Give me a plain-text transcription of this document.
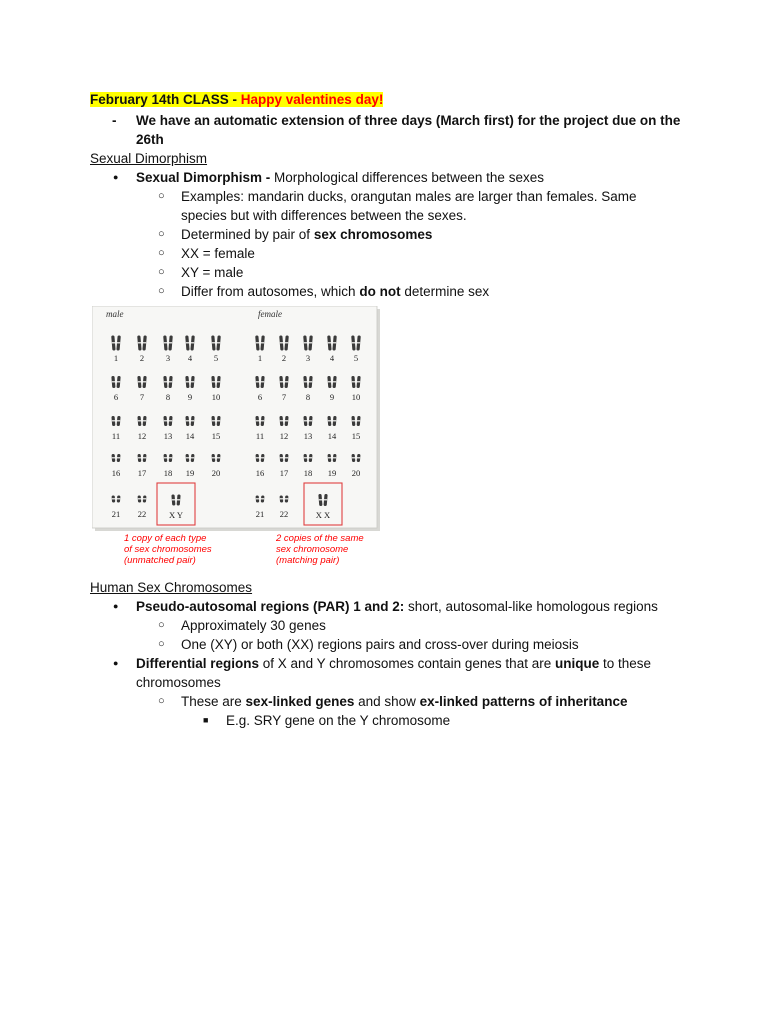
February 14th CLASS - Happy valentines day!
- We have an automatic extension of three days (March first) for the project due on the 26th
Sexual Dimorphism
● Sexual Dimorphism - Morphological differences between the sexes
○ Examples: mandarin ducks, orangutan males are larger than females. Same species but with differences between the sexes.
○ Determined by pair of sex chromosomes
○ XX = female
○ XY = male
○ Differ from autosomes, which do not determine sex
male	female
1	1
2	2
3	3
4	4
5	5
6	6
7	7
8	8
9	9
10	10
11	11
12	12
13	13
14	14
15	15
16	16
17	17
18	18
19	19
20	20
21	21
22	22
X Y	X X
Human Sex Chromosomes
● Pseudo-autosomal regions (PAR) 1 and 2: short, autosomal-like homologous regions
○ Approximately 30 genes
○ One (XY) or both (XX) regions pairs and cross-over during meiosis
● Differential regions of X and Y chromosomes contain genes that are unique to these chromosomes
○ These are sex-linked genes and show ex-linked patterns of inheritance
■ E.g. SRY gene on the Y chromosome
1 copy of each type
of sex chromosomes
(unmatched pair)
2 copies of the same
sex chromosome
(matching pair)
